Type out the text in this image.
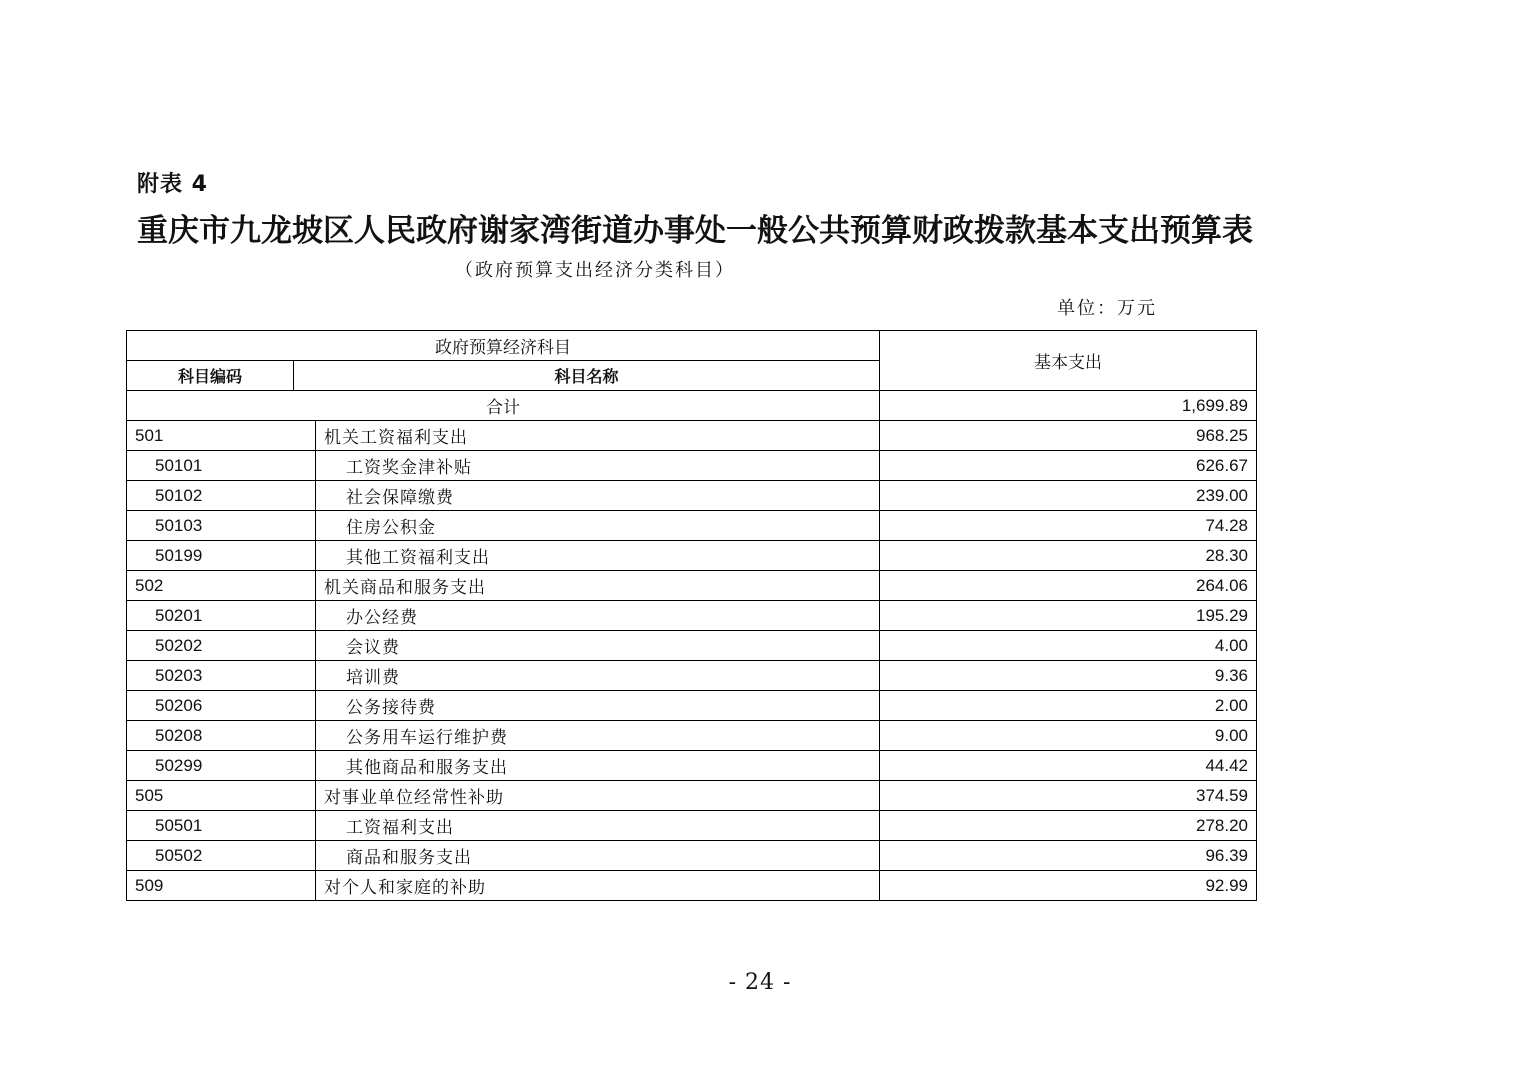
附表 4
重庆市九龙坡区人民政府谢家湾街道办事处一般公共预算财政拨款基本支出预算表
（政府预算支出经济分类科目）
单位：万元
政府预算经济科目			基本支出
科目编码	科目名称		
合计			1,699.89
501		机关工资福利支出	968.25
50101		工资奖金津补贴	626.67
50102		社会保障缴费	239.00
50103		住房公积金	74.28
50199		其他工资福利支出	28.30
502		机关商品和服务支出	264.06
50201		办公经费	195.29
50202		会议费	4.00
50203		培训费	9.36
50206		公务接待费	2.00
50208		公务用车运行维护费	9.00
50299		其他商品和服务支出	44.42
505		对事业单位经常性补助	374.59
50501		工资福利支出	278.20
50502		商品和服务支出	96.39
509		对个人和家庭的补助	92.99
- 24 -
